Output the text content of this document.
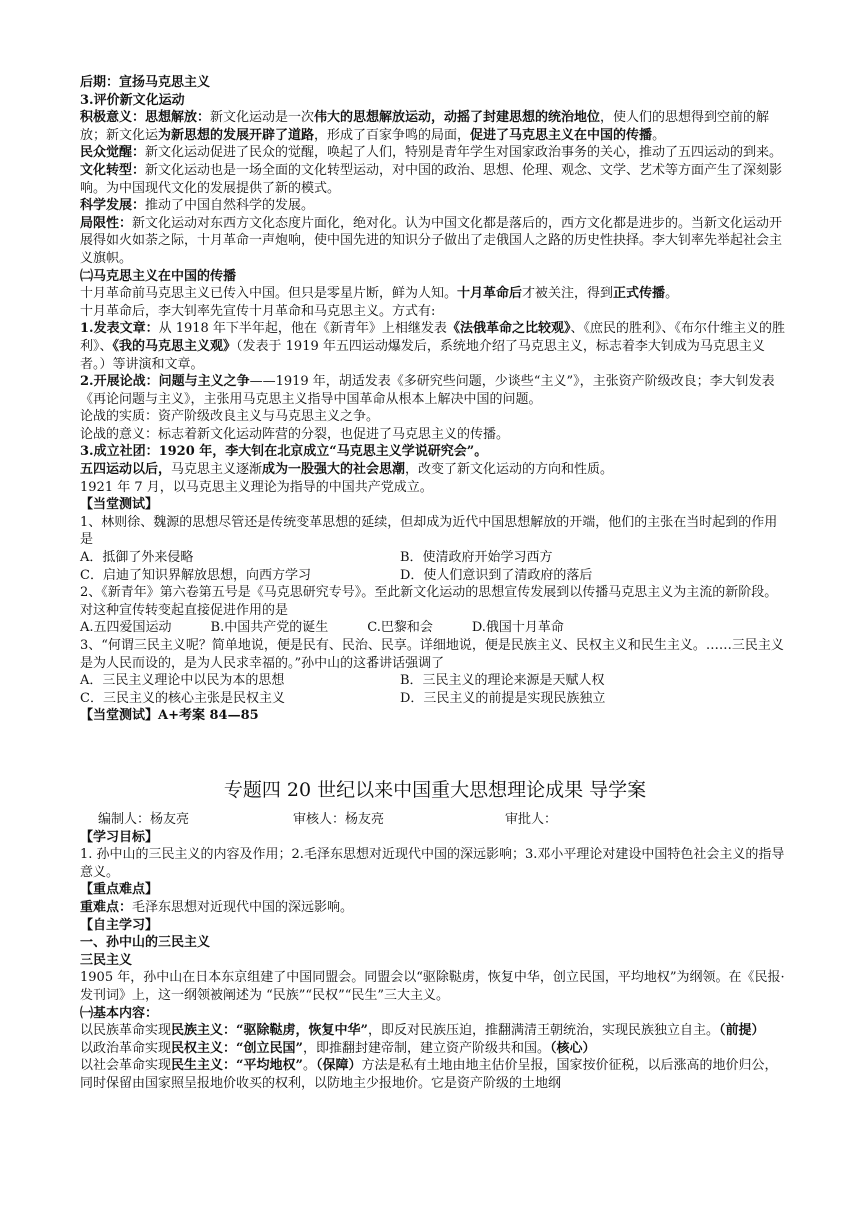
后期：宣扬马克思主义

3.评价新文化运动

积极意义：思想解放：新文化运动是一次伟大的思想解放运动，动摇了封建思想的统治地位，使人们的思想得到空前的解放；新文化运为新思想的发展开辟了道路，形成了百家争鸣的局面，促进了马克思主义在中国的传播。

民众觉醒：新文化运动促进了民众的觉醒，唤起了人们，特别是青年学生对国家政治事务的关心，推动了五四运动的到来。

文化转型：新文化运动也是一场全面的文化转型运动，对中国的政治、思想、伦理、观念、文学、艺术等方面产生了深刻影响。为中国现代文化的发展提供了新的模式。

科学发展：推动了中国自然科学的发展。

局限性：新文化运动对东西方文化态度片面化，绝对化。认为中国文化都是落后的，西方文化都是进步的。当新文化运动开展得如火如荼之际，十月革命一声炮响，使中国先进的知识分子做出了走俄国人之路的历史性抉择。李大钊率先举起社会主义旗帜。

㈡马克思主义在中国的传播

十月革命前马克思主义已传入中国。但只是零星片断，鲜为人知。十月革命后才被关注，得到正式传播。

十月革命后，李大钊率先宣传十月革命和马克思主义。方式有:

1.发表文章：从 1918 年下半年起，他在《新青年》上相继发表《法俄革命之比较观》、《庶民的胜利》、《布尔什维主义的胜利》、《我的马克思主义观》（发表于 1919 年五四运动爆发后，系统地介绍了马克思主义，标志着李大钊成为马克思主义者。）等讲演和文章。

2.开展论战：问题与主义之争——1919 年，胡适发表《多研究些问题，少谈些“主义”》，主张资产阶级改良；李大钊发表《再论问题与主义》，主张用马克思主义指导中国革命从根本上解决中国的问题。

论战的实质：资产阶级改良主义与马克思主义之争。

论战的意义：标志着新文化运动阵营的分裂，也促进了马克思主义的传播。

3.成立社团：1920 年，李大钊在北京成立“马克思主义学说研究会”。

五四运动以后，马克思主义逐渐成为一股强大的社会思潮，改变了新文化运动的方向和性质。

1921 年 7 月，以马克思主义理论为指导的中国共产党成立。

【当堂测试】

1、林则徐、魏源的思想尽管还是传统变革思想的延续，但却成为近代中国思想解放的开端，他们的主张在当时起到的作用是

A．抵御了外来侵略	B．使清政府开始学习西方
C．启迪了知识界解放思想，向西方学习	D．使人们意识到了清政府的落后

2、《新青年》第六卷第五号是《马克思研究专号》。至此新文化运动的思想宣传发展到以传播马克思主义为主流的新阶段。对这种宣传转变起直接促进作用的是

A.五四爱国运动　　　B.中国共产党的诞生　　　C.巴黎和会　　　D.俄国十月革命

3、“何谓三民主义呢？简单地说，便是民有、民治、民享。详细地说，便是民族主义、民权主义和民生主义。……三民主义是为人民而设的，是为人民求幸福的。”孙中山的这番讲话强调了

A．三民主义理论中以民为本的思想	B．三民主义的理论来源是天赋人权
C．三民主义的核心主张是民权主义	D．三民主义的前提是实现民族独立

【当堂测试】A+考案 84—85

专题四 20 世纪以来中国重大思想理论成果 导学案
编制人：杨友亮	审核人：杨友亮	审批人：

【学习目标】

1. 孙中山的三民主义的内容及作用；2.毛泽东思想对近现代中国的深远影响；3.邓小平理论对建设中国特色社会主义的指导意义。

【重点难点】

重难点：毛泽东思想对近现代中国的深远影响。

【自主学习】

一、孙中山的三民主义

三民主义

1905 年，孙中山在日本东京组建了中国同盟会。同盟会以“驱除鞑虏，恢复中华，创立民国，平均地权”为纲领。在《民报·发刊词》上，这一纲领被阐述为 “民族”“民权”“民生”三大主义。

㈠基本内容：

以民族革命实现民族主义：“驱除鞑虏，恢复中华”，即反对民族压迫，推翻满清王朝统治，实现民族独立自主。（前提）

以政治革命实现民权主义：“创立民国”，即推翻封建帝制，建立资产阶级共和国。（核心）

以社会革命实现民生主义：“平均地权”。（保障）方法是私有土地由地主估价呈报，国家按价征税，以后涨高的地价归公，同时保留由国家照呈报地价收买的权利，以防地主少报地价。它是资产阶级的土地纲
